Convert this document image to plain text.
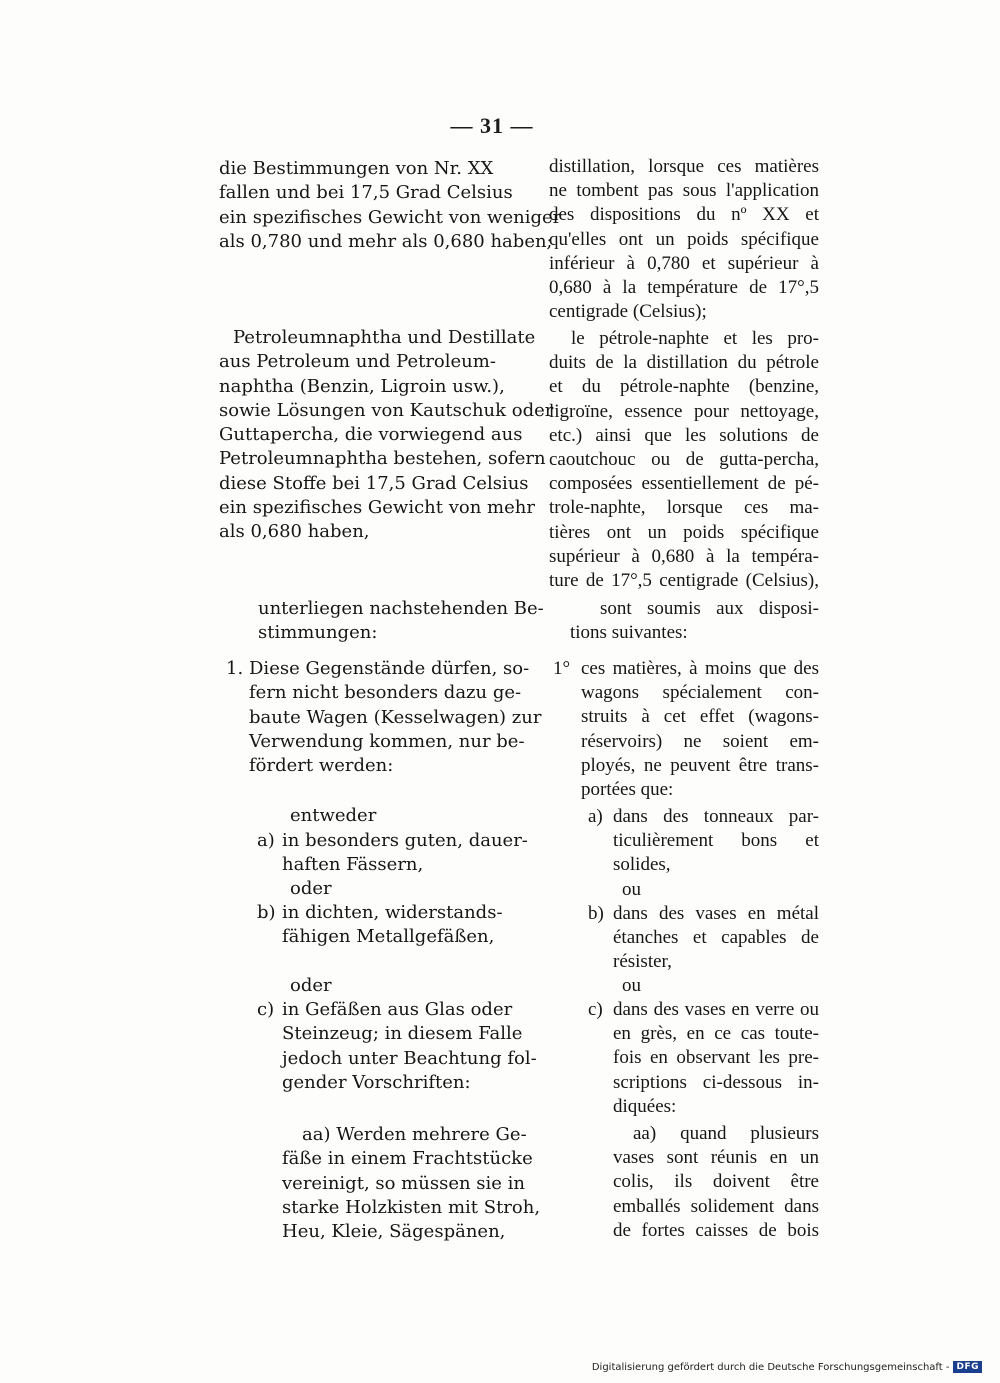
— 31 —
die Bestimmungen von Nr. XX
fallen und bei 17,5 Grad Celsius
ein spezifisches Gewicht von weniger
als 0,780 und mehr als 0,680 haben;
Petroleumnaphtha und Destillate
aus Petroleum und Petroleum-
naphtha (Benzin, Ligroin usw.),
sowie Lösungen von Kautschuk oder
Guttapercha, die vorwiegend aus
Petroleumnaphtha bestehen, sofern
diese Stoffe bei 17,5 Grad Celsius
ein spezifisches Gewicht von mehr
als 0,680 haben,
unterliegen nachstehenden Be-
stimmungen:
1. Diese Gegenstände dürfen, so-
fern nicht besonders dazu ge-
baute Wagen (Kesselwagen) zur
Verwendung kommen, nur be-
fördert werden:
entweder
a) in besonders guten, dauer-
haften Fässern,
oder
b) in dichten, widerstands-
fähigen Metallgefäßen,
oder
c) in Gefäßen aus Glas oder
Steinzeug; in diesem Falle
jedoch unter Beachtung fol-
gender Vorschriften:
aa) Werden mehrere Ge-
fäße in einem Frachtstücke
vereinigt, so müssen sie in
starke Holzkisten mit Stroh,
Heu, Kleie, Sägespänen,
distillation, lorsque ces matières
ne tombent pas sous l'application
des dispositions du nº XX et
qu'elles ont un poids spécifique
inférieur à 0,780 et supérieur à
0,680 à la température de 17°,5
centigrade (Celsius);
le pétrole-naphte et les pro-
duits de la distillation du pétrole
et du pétrole-naphte (benzine,
ligroïne, essence pour nettoyage,
etc.) ainsi que les solutions de
caoutchouc ou de gutta-percha,
composées essentiellement de pé-
trole-naphte, lorsque ces ma-
tières ont un poids spécifique
supérieur à 0,680 à la tempéra-
ture de 17°,5 centigrade (Celsius),
sont soumis aux disposi-
tions suivantes:
1° ces matières, à moins que des
wagons spécialement con-
struits à cet effet (wagons-
réservoirs) ne soient em-
ployés, ne peuvent être trans-
portées que:
a) dans des tonneaux par-
ticulièrement bons et
solides,
ou
b) dans des vases en métal
étanches et capables de
résister,
ou
c) dans des vases en verre ou
en grès, en ce cas toute-
fois en observant les pre-
scriptions ci-dessous in-
diquées:
aa) quand plusieurs
vases sont réunis en un
colis, ils doivent être
emballés solidement dans
de fortes caisses de bois
Digitalisierung gefördert durch die Deutsche Forschungsgemeinschaft - DFG
